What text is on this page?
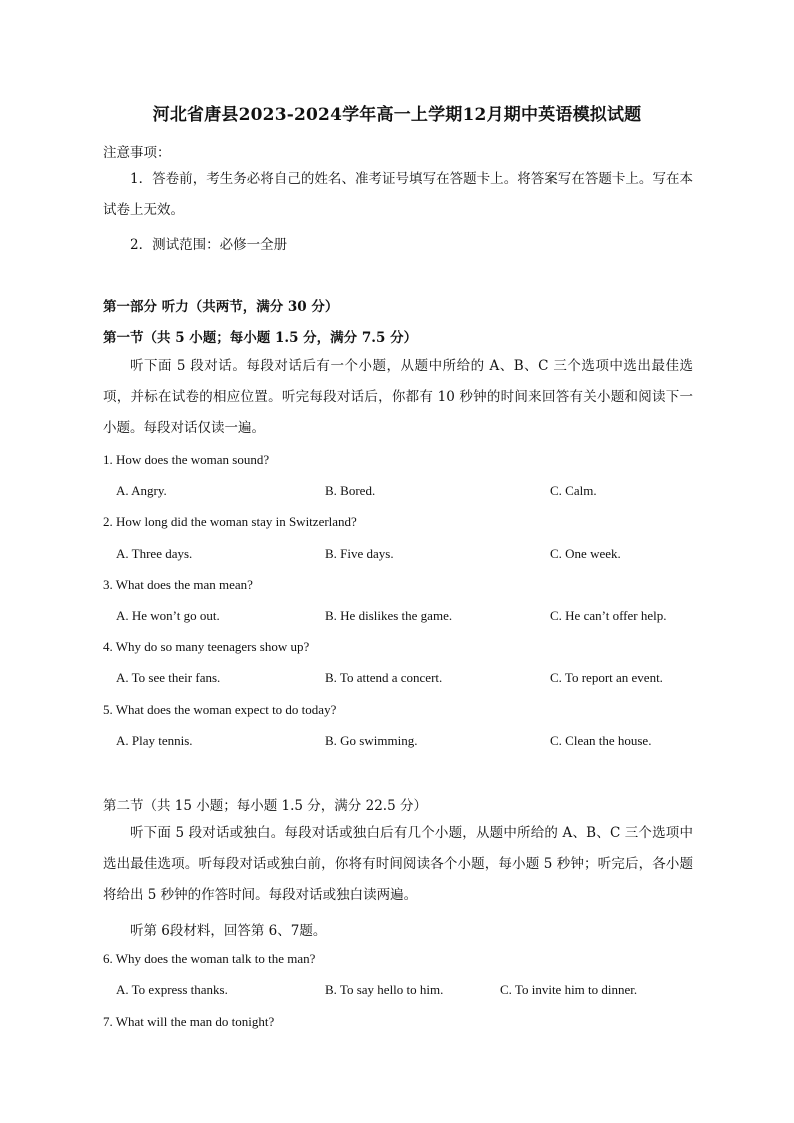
河北省唐县2023-2024学年高一上学期12月期中英语模拟试题
注意事项：
1．答卷前，考生务必将自己的姓名、准考证号填写在答题卡上。将答案写在答题卡上。写在本试卷上无效。
2．测试范围：必修一全册
第一部分 听力（共两节，满分 30 分）
第一节（共 5 小题；每小题 1.5 分，满分 7.5 分）
听下面 5 段对话。每段对话后有一个小题，从题中所给的 A、B、C 三个选项中选出最佳选项，并标在试卷的相应位置。听完每段对话后，你都有 10 秒钟的时间来回答有关小题和阅读下一小题。每段对话仅读一遍。
1. How does the woman sound?
A. Angry.	B. Bored.	C. Calm.
2. How long did the woman stay in Switzerland?
A. Three days.	B. Five days.	C. One week.
3. What does the man mean?
A. He won’t go out.	B. He dislikes the game.	C. He can’t offer help.
4. Why do so many teenagers show up?
A. To see their fans.	B. To attend a concert.	C. To report an event.
5. What does the woman expect to do today?
A. Play tennis.	B. Go swimming.	C. Clean the house.
第二节（共 15 小题；每小题 1.5 分，满分 22.5 分）
听下面 5 段对话或独白。每段对话或独白后有几个小题，从题中所给的 A、B、C 三个选项中选出最佳选项。听每段对话或独白前，你将有时间阅读各个小题，每小题 5 秒钟；听完后，各小题将给出 5 秒钟的作答时间。每段对话或独白读两遍。
听第 6段材料，回答第 6、7题。
6. Why does the woman talk to the man?
A. To express thanks.	B. To say hello to him.	C. To invite him to dinner.
7. What will the man do tonight?
